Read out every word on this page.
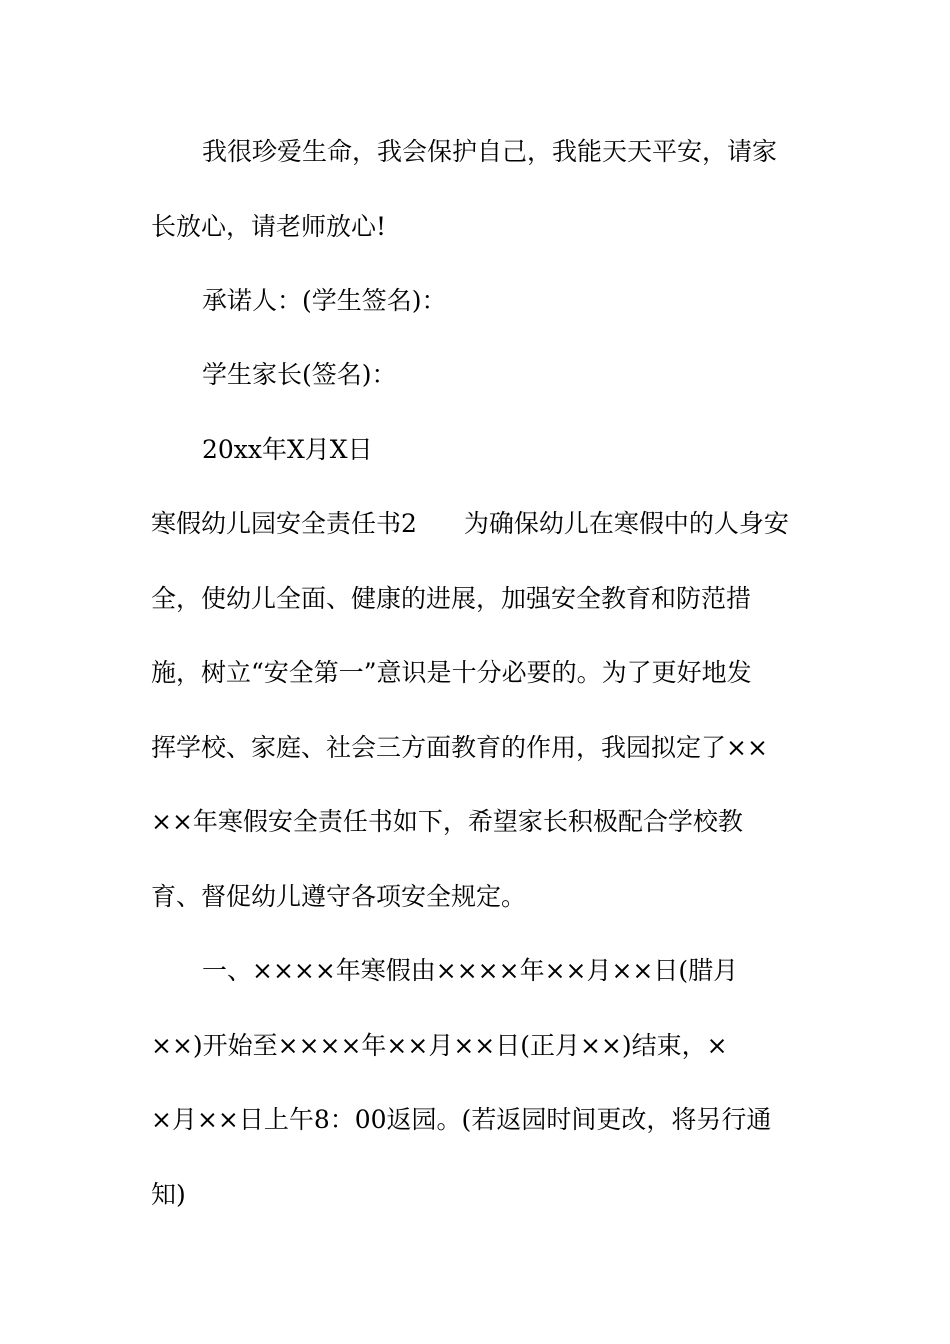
我很珍爱生命，我会保护自己，我能天天平安，请家
长放心，请老师放心!
承诺人：(学生签名)：
学生家长(签名)：
20xx年X月X日
寒假幼儿园安全责任书2 为确保幼儿在寒假中的人身安
全，使幼儿全面、健康的进展，加强安全教育和防范措
施，树立“安全第一”意识是十分必要的。为了更好地发
挥学校、家庭、社会三方面教育的作用，我园拟定了××
××年寒假安全责任书如下，希望家长积极配合学校教
育、督促幼儿遵守各项安全规定。
一、××××年寒假由××××年××月××日(腊月
××)开始至××××年××月××日(正月××)结束，×
×月××日上午8：00返园。(若返园时间更改，将另行通
知)
